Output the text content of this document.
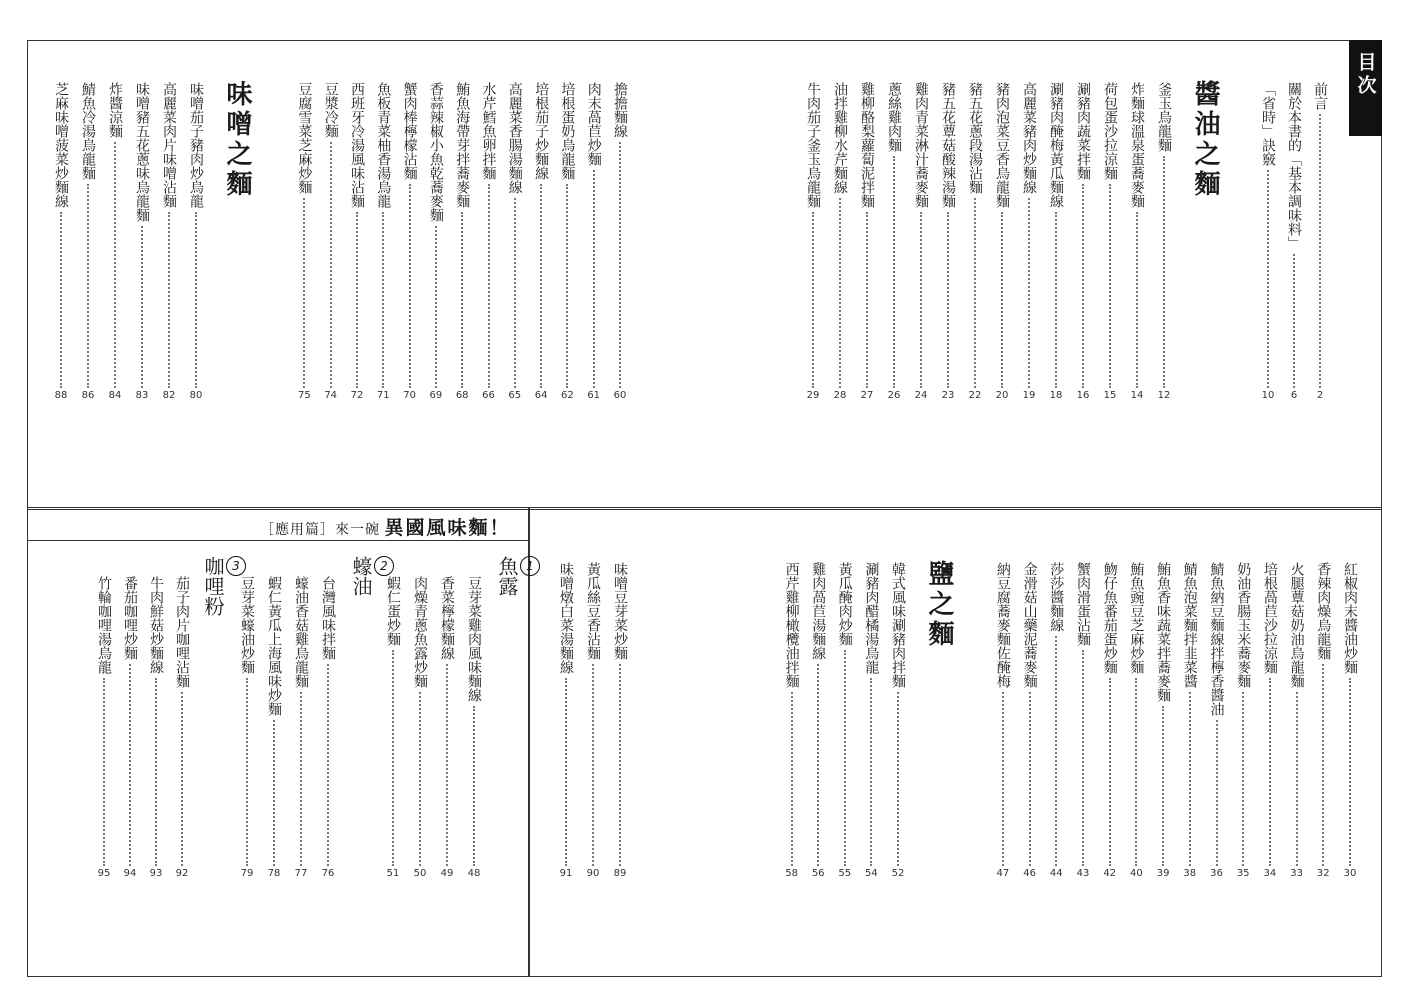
目次
前言
2
關於本書的「基本調味料」
6
「省時」訣竅
10
醬油之麵
釜玉烏龍麵
12
炸麵球溫泉蛋蕎麥麵
14
荷包蛋沙拉涼麵
15
涮豬肉蔬菜拌麵
16
涮豬肉醃梅黃瓜麵線
18
高麗菜豬肉炒麵線
19
豬肉泡菜豆香烏龍麵
20
豬五花蔥段湯沾麵
22
豬五花蕈菇酸辣湯麵
23
雞肉青菜淋汁蕎麥麵
24
蔥絲雞肉麵
26
雞柳酪梨蘿蔔泥拌麵
27
油拌雞柳水芹麵線
28
牛肉茄子釜玉烏龍麵
29
擔擔麵線
60
肉末萵苣炒麵
61
培根蛋奶烏龍麵
62
培根茄子炒麵線
64
高麗菜香腸湯麵線
65
水芹鱈魚卵拌麵
66
鮪魚海帶芽拌蕎麥麵
68
香蒜辣椒小魚乾蕎麥麵
69
蟹肉棒檸檬沾麵
70
魚板青菜柚香湯烏龍
71
西班牙冷湯風味沾麵
72
豆漿冷麵
74
豆腐雪菜芝麻炒麵
75
味噌之麵
味噌茄子豬肉炒烏龍
80
高麗菜肉片味噌沾麵
82
味噌豬五花蔥味烏龍麵
83
炸醬涼麵
84
鯖魚冷湯烏龍麵
86
芝麻味噌菠菜炒麵線
88
紅椒肉末醬油炒麵
30
香辣肉燥烏龍麵
32
火腿蕈菇奶油烏龍麵
33
培根萵苣沙拉涼麵
34
奶油香腸玉米蕎麥麵
35
鯖魚納豆麵線拌檸香醬油
36
鯖魚泡菜麵拌韭菜醬
38
鮪魚香味蔬菜拌蕎麥麵
39
鮪魚豌豆芝麻炒麵
40
魩仔魚番茄蛋炒麵
42
蟹肉滑蛋沾麵
43
莎莎醬麵線
44
金滑菇山藥泥蕎麥麵
46
納豆腐蕎麥麵佐醃梅
47
鹽之麵
韓式風味涮豬肉拌麵
52
涮豬肉醋橘湯烏龍
54
黃瓜醃肉炒麵
55
雞肉萵苣湯麵線
56
西芹雞柳橄欖油拌麵
58
味噌豆芽菜炒麵
89
黃瓜絲豆香沾麵
90
味噌燉白菜湯麵線
91
［應用篇］來一碗 異國風味麵！
1
魚露
豆芽菜雞肉風味麵線
48
香菜檸檬麵線
49
肉燥青蔥魚露炒麵
50
蝦仁蛋炒麵
51
2
蠔油
台灣風味拌麵
76
蠔油香菇雞烏龍麵
77
蝦仁黃瓜上海風味炒麵
78
豆芽菜蠔油炒麵
79
3
咖哩粉
茄子肉片咖哩沾麵
92
牛肉鮮菇炒麵線
93
番茄咖哩炒麵
94
竹輪咖哩湯烏龍
95
